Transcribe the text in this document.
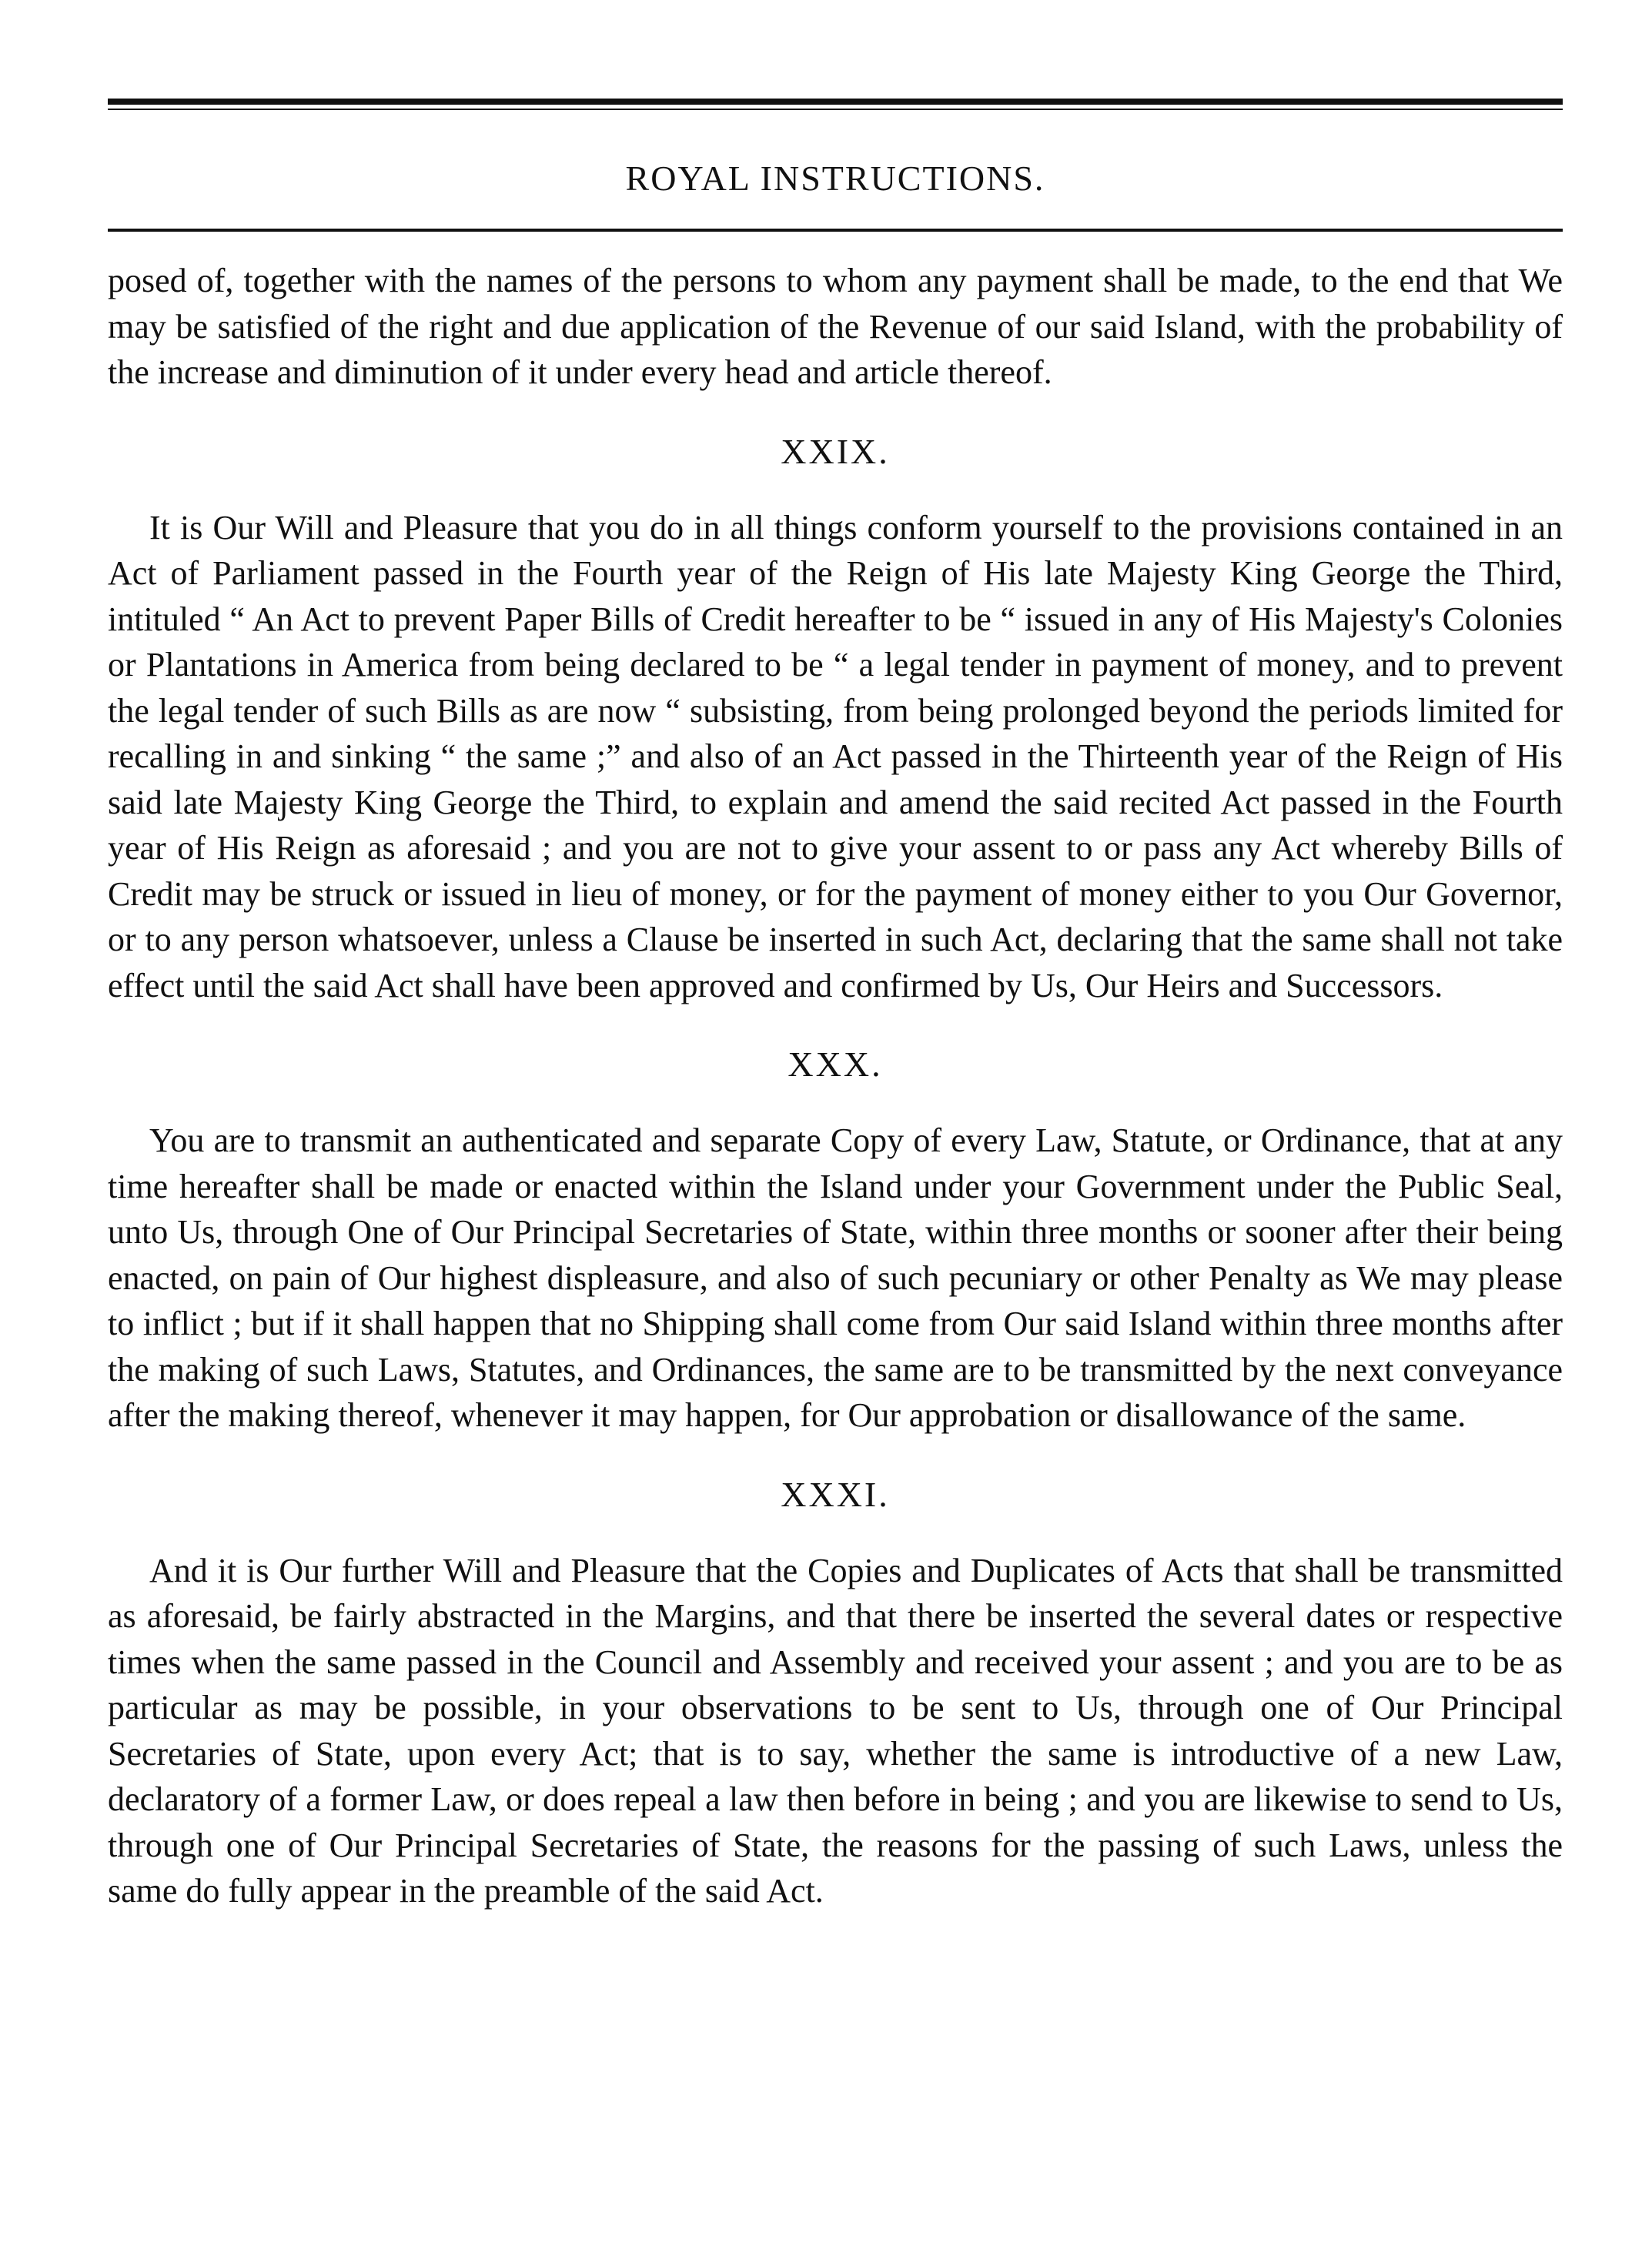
ROYAL INSTRUCTIONS.

posed of, together with the names of the persons to whom any payment shall be made, to the end that We may be satisfied of the right and due application of the Revenue of our said Island, with the probability of the increase and diminution of it under every head and article thereof.

XXIX.

It is Our Will and Pleasure that you do in all things conform yourself to the provisions contained in an Act of Parliament passed in the Fourth year of the Reign of His late Majesty King George the Third, intituled “ An Act to prevent Paper Bills of Credit hereafter to be “ issued in any of His Majesty's Colonies or Plantations in America from being declared to be “ a legal tender in payment of money, and to prevent the legal tender of such Bills as are now “ subsisting, from being prolonged beyond the periods limited for recalling in and sinking “ the same ;” and also of an Act passed in the Thirteenth year of the Reign of His said late Majesty King George the Third, to explain and amend the said recited Act passed in the Fourth year of His Reign as aforesaid ; and you are not to give your assent to or pass any Act whereby Bills of Credit may be struck or issued in lieu of money, or for the payment of money either to you Our Governor, or to any person whatsoever, unless a Clause be inserted in such Act, declaring that the same shall not take effect until the said Act shall have been approved and confirmed by Us, Our Heirs and Successors.

XXX.

You are to transmit an authenticated and separate Copy of every Law, Statute, or Ordinance, that at any time hereafter shall be made or enacted within the Island under your Government under the Public Seal, unto Us, through One of Our Principal Secretaries of State, within three months or sooner after their being enacted, on pain of Our highest displeasure, and also of such pecuniary or other Penalty as We may please to inflict ; but if it shall happen that no Shipping shall come from Our said Island within three months after the making of such Laws, Statutes, and Ordinances, the same are to be transmitted by the next conveyance after the making thereof, whenever it may happen, for Our approbation or disallowance of the same.

XXXI.

And it is Our further Will and Pleasure that the Copies and Duplicates of Acts that shall be transmitted as aforesaid, be fairly abstracted in the Margins, and that there be inserted the several dates or respective times when the same passed in the Council and Assembly and received your assent ; and you are to be as particular as may be possible, in your observations to be sent to Us, through one of Our Principal Secretaries of State, upon every Act; that is to say, whether the same is introductive of a new Law, declaratory of a former Law, or does repeal a law then before in being ; and you are likewise to send to Us, through one of Our Principal Secretaries of State, the reasons for the passing of such Laws, unless the same do fully appear in the preamble of the said Act.
